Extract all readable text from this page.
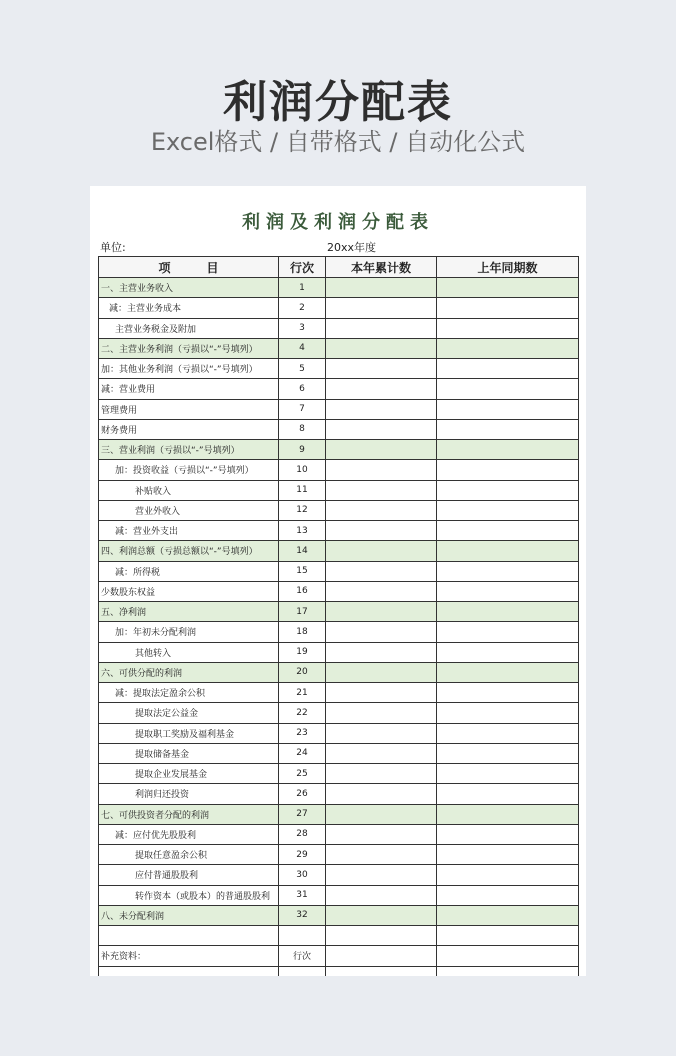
利润分配表
Excel格式 / 自带格式 / 自动化公式
利润及利润分配表
单位:	20xx年度
项　　　目	行次	本年累计数	上年同期数
一、主营业务收入	1		
减：主营业务成本	2		
主营业务税金及附加	3		
二、主营业务利润（亏损以“-”号填列）	4		
加：其他业务利润（亏损以“-”号填列）	5		
减：营业费用	6		
管理费用	7		
财务费用	8		
三、营业利润（亏损以“-”号填列）	9		
加：投资收益（亏损以“-”号填列）	10		
补贴收入	11		
营业外收入	12		
减：营业外支出	13		
四、利润总额（亏损总额以“-”号填列）	14		
减：所得税	15		
少数股东权益	16		
五、净利润	17		
加：年初未分配利润	18		
其他转入	19		
六、可供分配的利润	20		
减：提取法定盈余公积	21		
提取法定公益金	22		
提取职工奖励及福利基金	23		
提取储备基金	24		
提取企业发展基金	25		
利润归还投资	26		
七、可供投资者分配的利润	27		
减：应付优先股股利	28		
提取任意盈余公积	29		
应付普通股股利	30		
转作资本（或股本）的普通股股利	31		
八、未分配利润	32		

补充资料：	行次		
